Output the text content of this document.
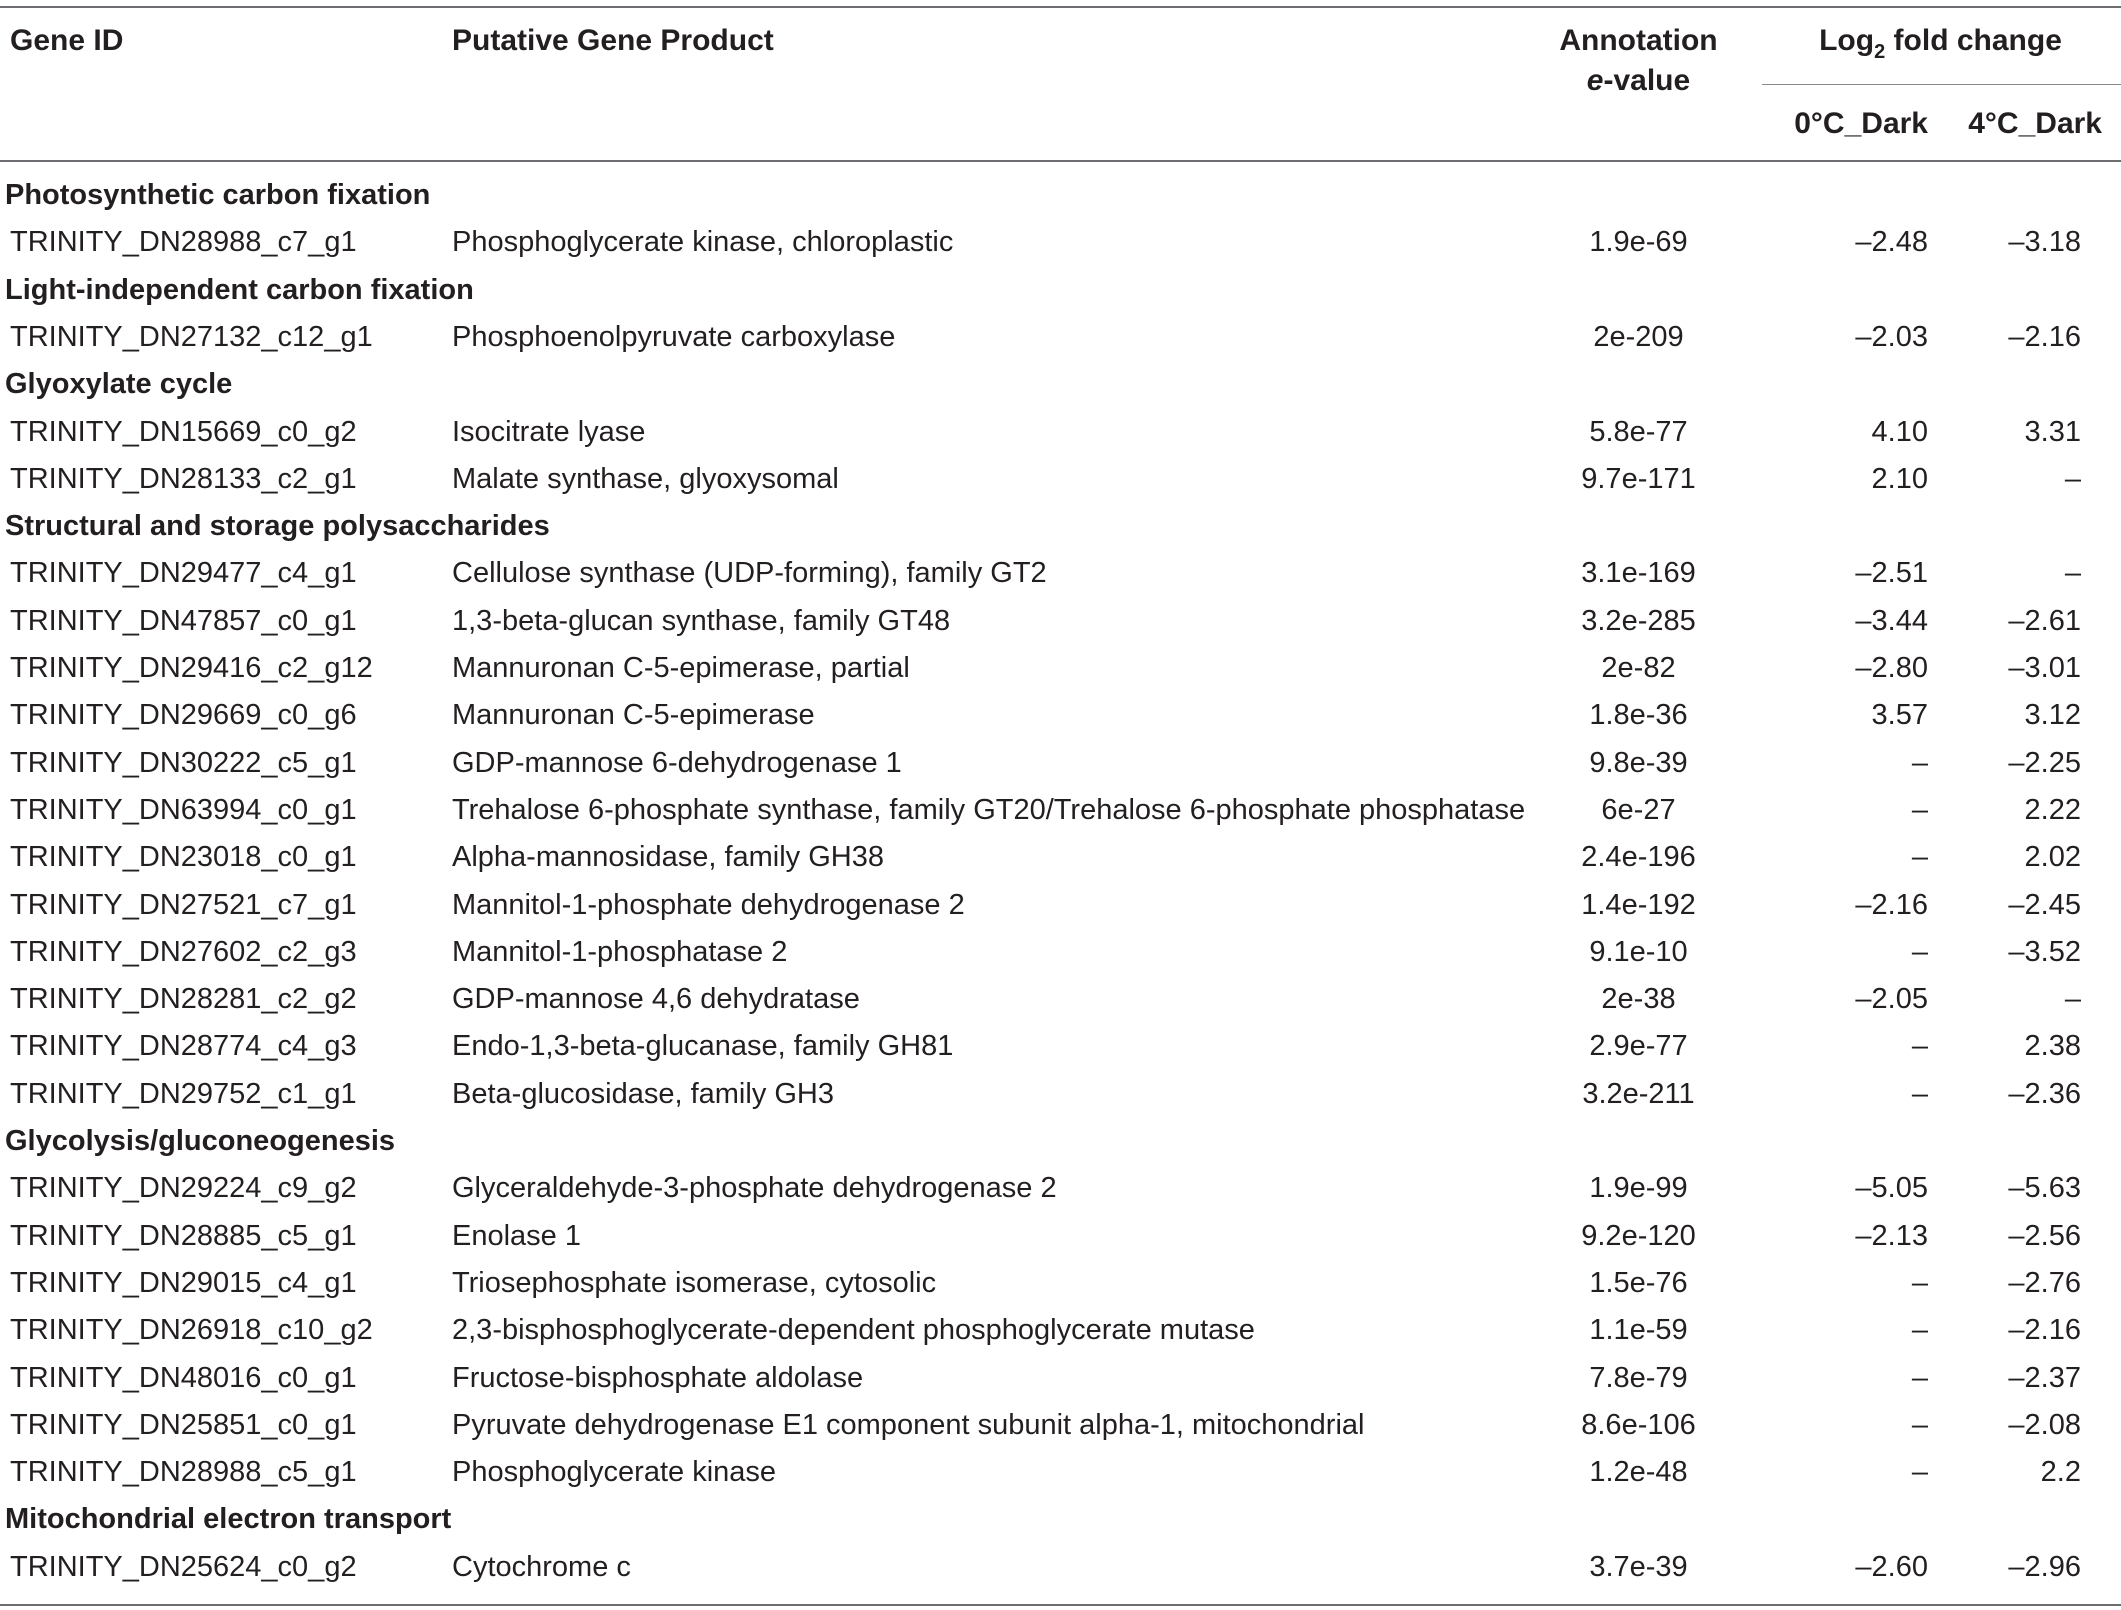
Gene ID	Putative Gene Product	Annotation
e-value
Log$_2$ fold change
0°C_Dark	4°C_Dark
Photosynthetic carbon fixation
TRINITY_DN28988_c7_g1	Phosphoglycerate kinase, chloroplastic	1.9e-69	–2.48	–3.18
Light-independent carbon fixation
TRINITY_DN27132_c12_g1	Phosphoenolpyruvate carboxylase	2e-209	–2.03	–2.16
Glyoxylate cycle
TRINITY_DN15669_c0_g2	Isocitrate lyase	5.8e-77	4.10	3.31
TRINITY_DN28133_c2_g1	Malate synthase, glyoxysomal	9.7e-171	2.10	–
Structural and storage polysaccharides
TRINITY_DN29477_c4_g1	Cellulose synthase (UDP-forming), family GT2	3.1e-169	–2.51	–
TRINITY_DN47857_c0_g1	1,3-beta-glucan synthase, family GT48	3.2e-285	–3.44	–2.61
TRINITY_DN29416_c2_g12	Mannuronan C-5-epimerase, partial	2e-82	–2.80	–3.01
TRINITY_DN29669_c0_g6	Mannuronan C-5-epimerase	1.8e-36	3.57	3.12
TRINITY_DN30222_c5_g1	GDP-mannose 6-dehydrogenase 1	9.8e-39	–	–2.25
TRINITY_DN63994_c0_g1	Trehalose 6-phosphate synthase, family GT20/Trehalose 6-phosphate phosphatase	6e-27	–	2.22
TRINITY_DN23018_c0_g1	Alpha-mannosidase, family GH38	2.4e-196	–	2.02
TRINITY_DN27521_c7_g1	Mannitol-1-phosphate dehydrogenase 2	1.4e-192	–2.16	–2.45
TRINITY_DN27602_c2_g3	Mannitol-1-phosphatase 2	9.1e-10	–	–3.52
TRINITY_DN28281_c2_g2	GDP-mannose 4,6 dehydratase	2e-38	–2.05	–
TRINITY_DN28774_c4_g3	Endo-1,3-beta-glucanase, family GH81	2.9e-77	–	2.38
TRINITY_DN29752_c1_g1	Beta-glucosidase, family GH3	3.2e-211	–	–2.36
Glycolysis/gluconeogenesis
TRINITY_DN29224_c9_g2	Glyceraldehyde-3-phosphate dehydrogenase 2	1.9e-99	–5.05	–5.63
TRINITY_DN28885_c5_g1	Enolase 1	9.2e-120	–2.13	–2.56
TRINITY_DN29015_c4_g1	Triosephosphate isomerase, cytosolic	1.5e-76	–	–2.76
TRINITY_DN26918_c10_g2	2,3-bisphosphoglycerate-dependent phosphoglycerate mutase	1.1e-59	–	–2.16
TRINITY_DN48016_c0_g1	Fructose-bisphosphate aldolase	7.8e-79	–	–2.37
TRINITY_DN25851_c0_g1	Pyruvate dehydrogenase E1 component subunit alpha-1, mitochondrial	8.6e-106	–	–2.08
TRINITY_DN28988_c5_g1	Phosphoglycerate kinase	1.2e-48	–	2.2
Mitochondrial electron transport
TRINITY_DN25624_c0_g2	Cytochrome c	3.7e-39	–2.60	–2.96
